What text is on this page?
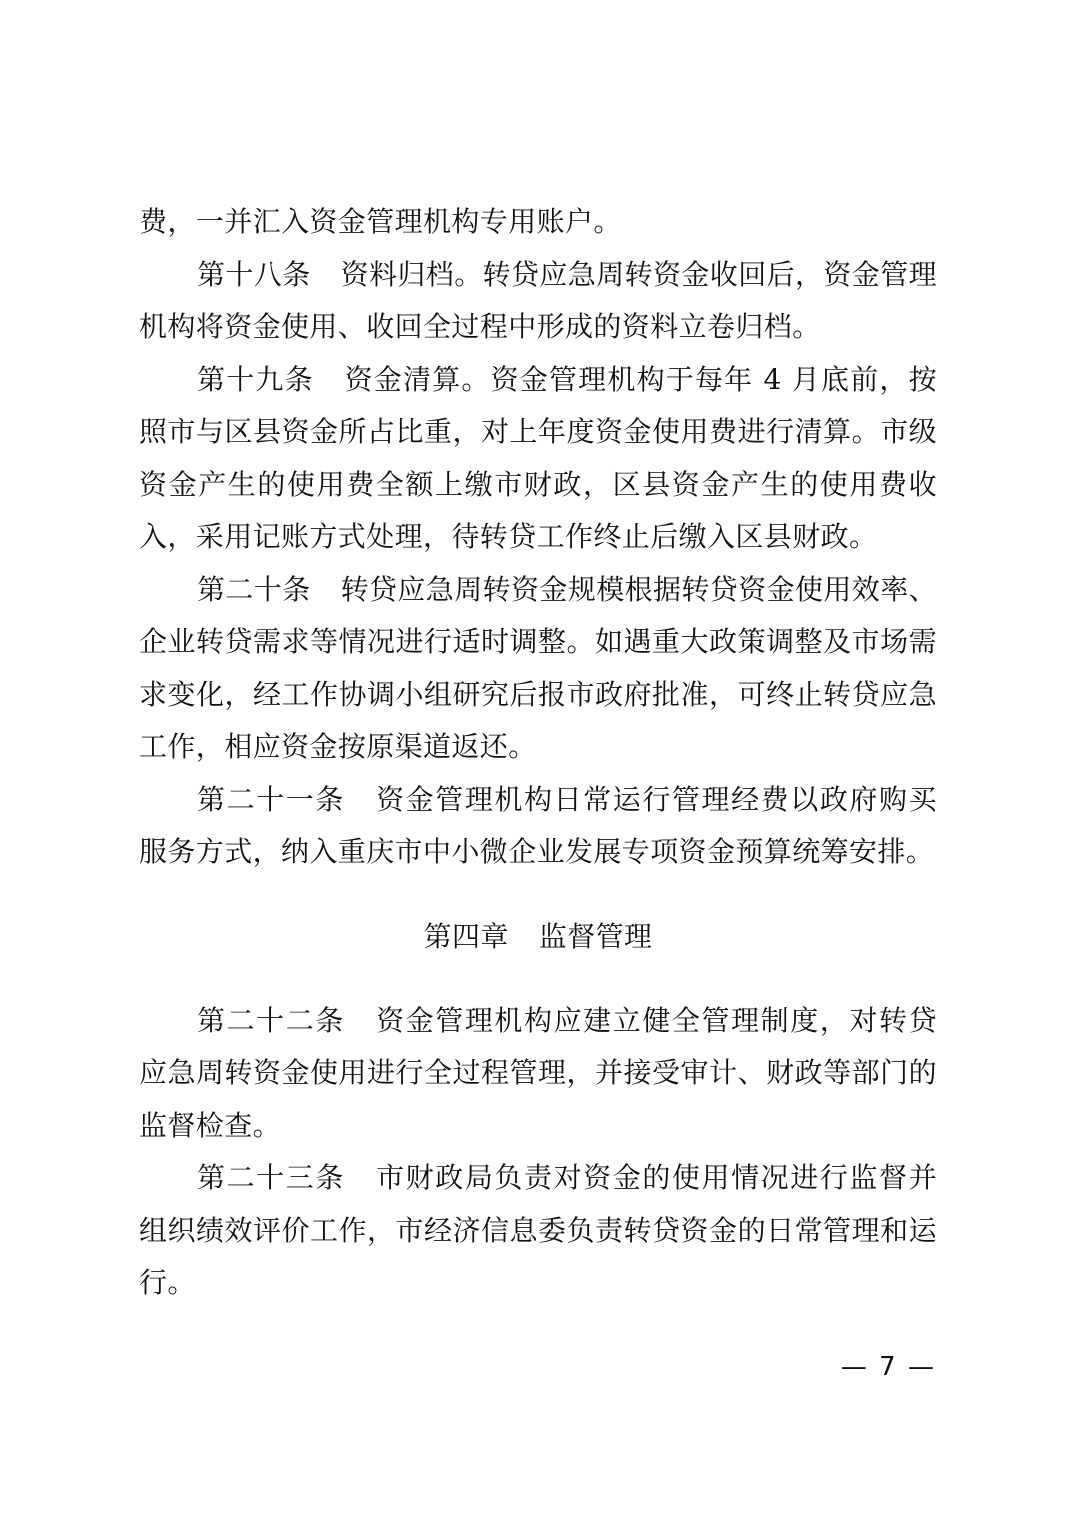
费，一并汇入资金管理机构专用账户。

第十八条 资料归档。转贷应急周转资金收回后，资金管理机构将资金使用、收回全过程中形成的资料立卷归档。

第十九条 资金清算。资金管理机构于每年 4 月底前，按照市与区县资金所占比重，对上年度资金使用费进行清算。市级资金产生的使用费全额上缴市财政，区县资金产生的使用费收入，采用记账方式处理，待转贷工作终止后缴入区县财政。

第二十条 转贷应急周转资金规模根据转贷资金使用效率、企业转贷需求等情况进行适时调整。如遇重大政策调整及市场需求变化，经工作协调小组研究后报市政府批准，可终止转贷应急工作，相应资金按原渠道返还。

第二十一条 资金管理机构日常运行管理经费以政府购买服务方式，纳入重庆市中小微企业发展专项资金预算统筹安排。

第四章 监督管理

第二十二条 资金管理机构应建立健全管理制度，对转贷应急周转资金使用进行全过程管理，并接受审计、财政等部门的监督检查。

第二十三条 市财政局负责对资金的使用情况进行监督并组织绩效评价工作，市经济信息委负责转贷资金的日常管理和运行。

— 7 —
